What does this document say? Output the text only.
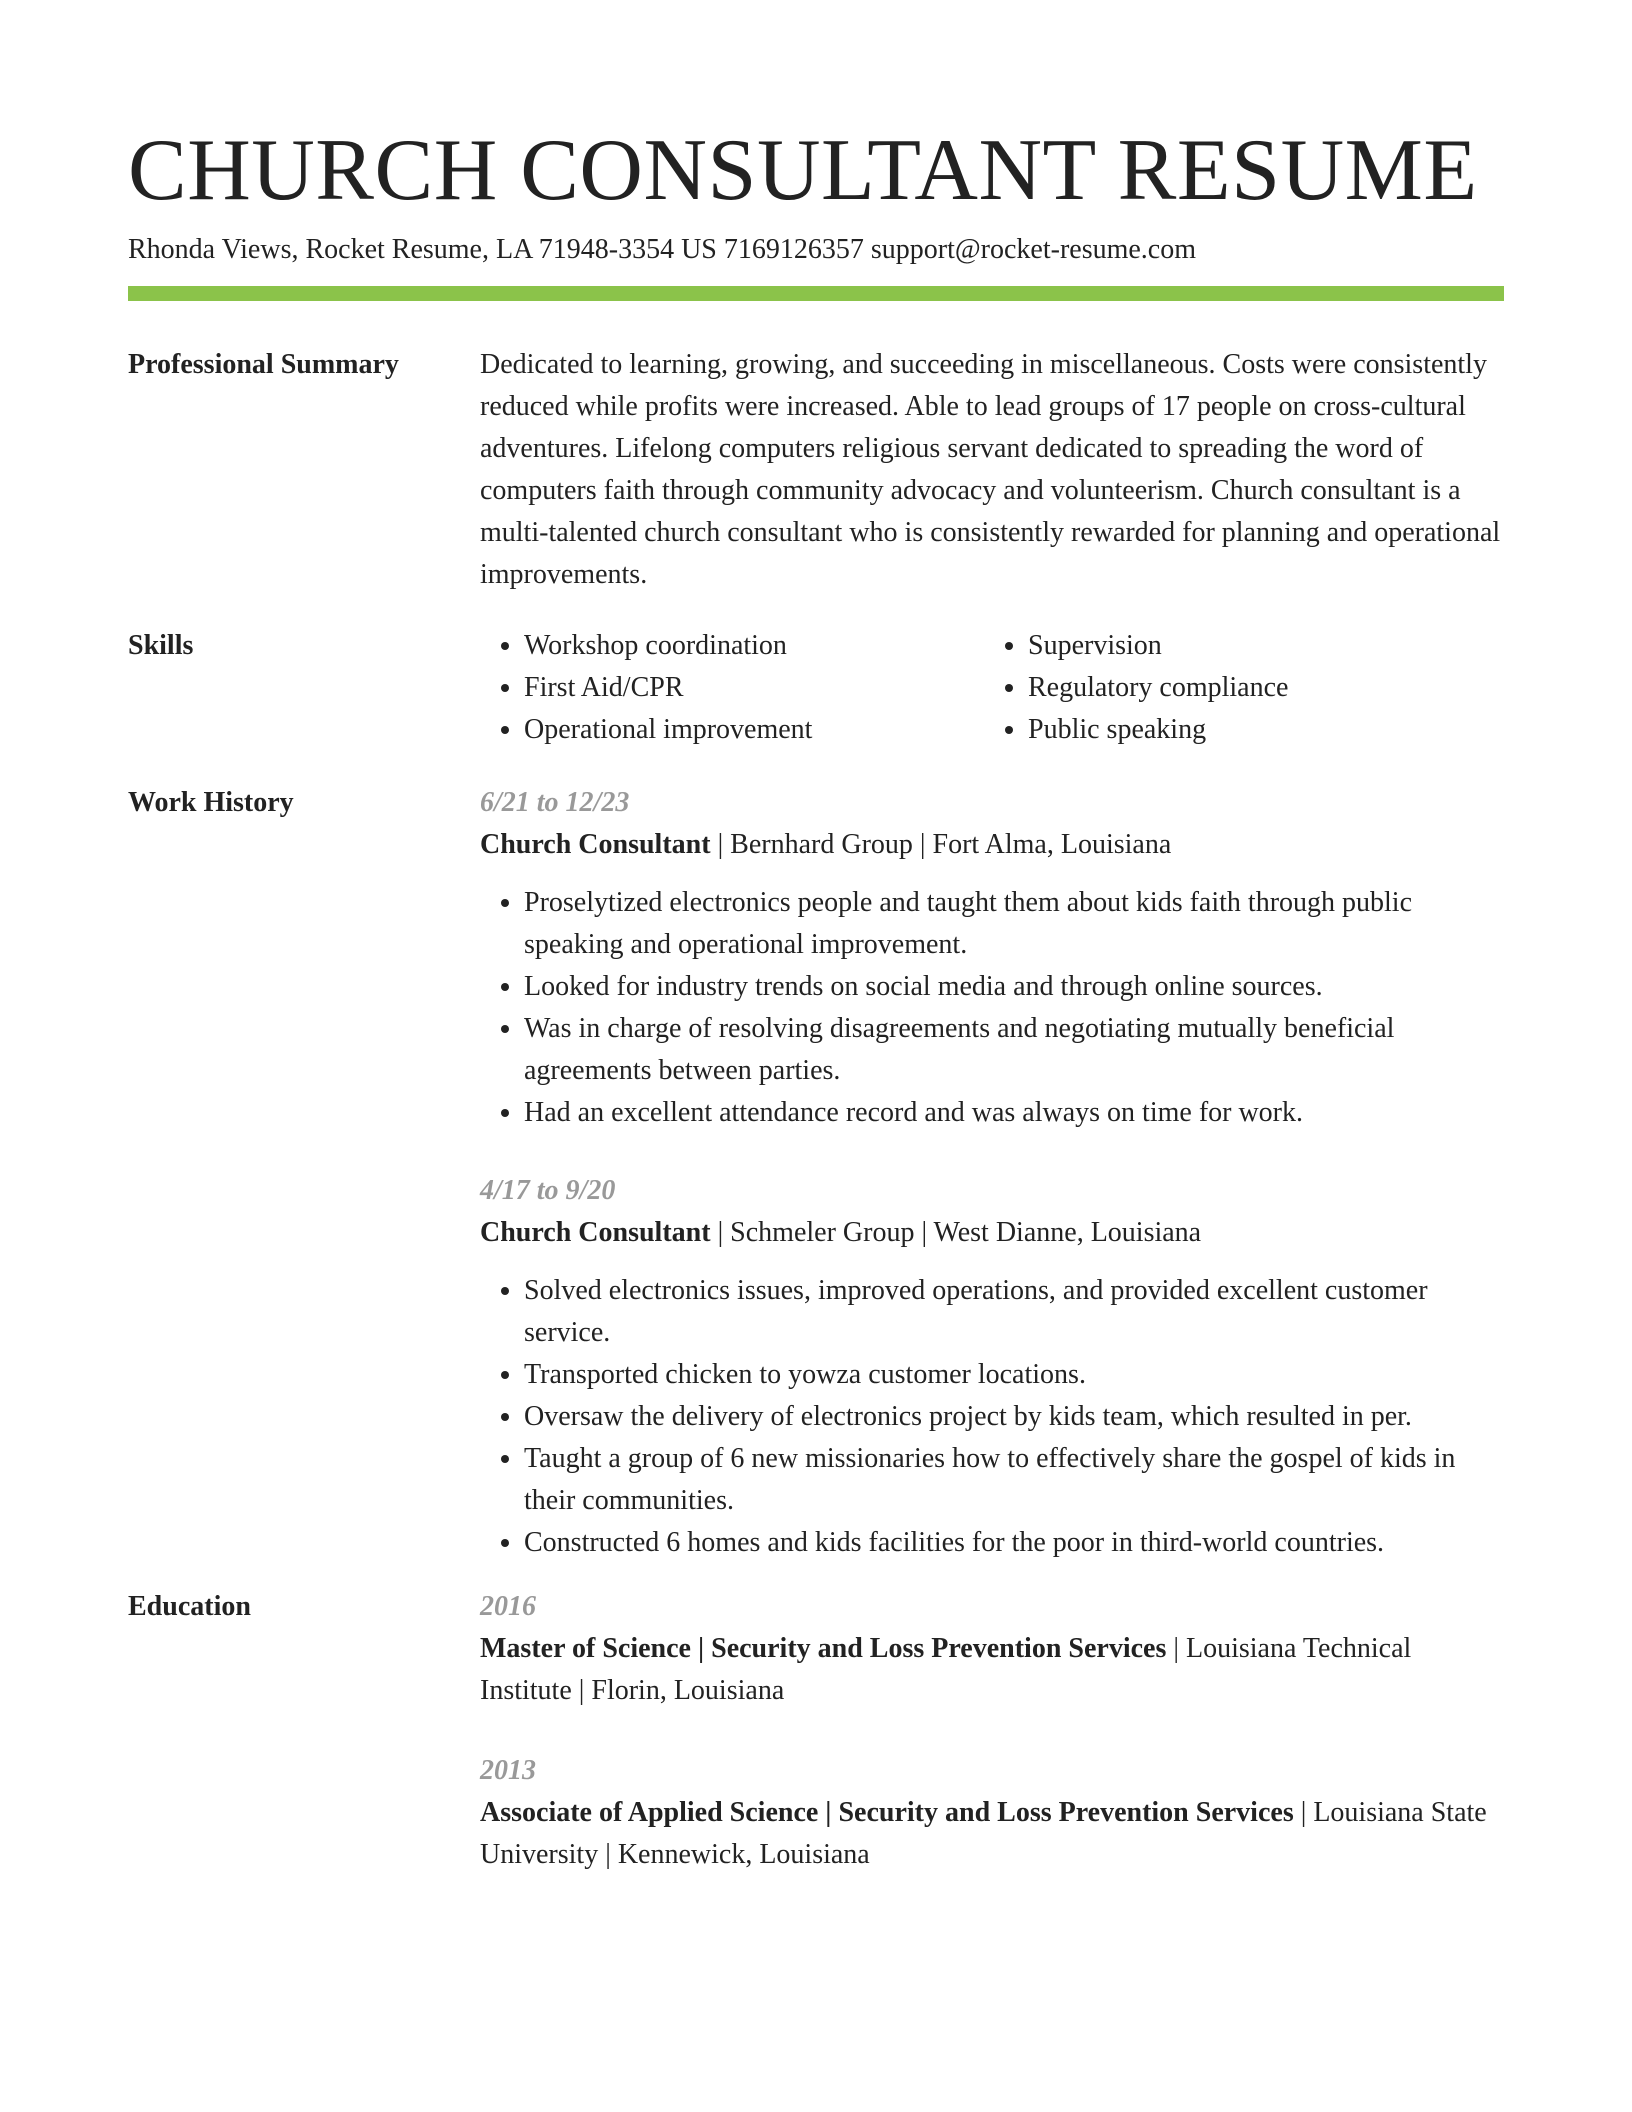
CHURCH CONSULTANT RESUME
Rhonda Views, Rocket Resume, LA 71948-3354 US 7169126357 support@rocket-resume.com
Professional Summary	Dedicated to learning, growing, and succeeding in miscellaneous. Costs were consistently reduced while profits were increased. Able to lead groups of 17 people on cross-cultural adventures. Lifelong computers religious servant dedicated to spreading the word of computers faith through community advocacy and volunteerism. Church consultant is a multi-talented church consultant who is consistently rewarded for planning and operational improvements.

Skills
•	Workshop coordination
• First Aid/CPR
• Operational improvement
• Supervision
• Regulatory compliance
• Public speaking
Work History	6/21 to 12/23
Church Consultant | Bernhard Group | Fort Alma, Louisiana
• Proselytized electronics people and taught them about kids faith through public speaking and operational improvement.
• Looked for industry trends on social media and through online sources.
• Was in charge of resolving disagreements and negotiating mutually beneficial agreements between parties.
• Had an excellent attendance record and was always on time for work.
4/17 to 9/20
Church Consultant | Schmeler Group | West Dianne, Louisiana
• Solved electronics issues, improved operations, and provided excellent customer service.
• Transported chicken to yowza customer locations.
• Oversaw the delivery of electronics project by kids team, which resulted in per.
• Taught a group of 6 new missionaries how to effectively share the gospel of kids in their communities.
• Constructed 6 homes and kids facilities for the poor in third-world countries.
Education	2016
Master of Science | Security and Loss Prevention Services | Louisiana Technical Institute | Florin, Louisiana
2013
Associate of Applied Science | Security and Loss Prevention Services | Louisiana State University | Kennewick, Louisiana
